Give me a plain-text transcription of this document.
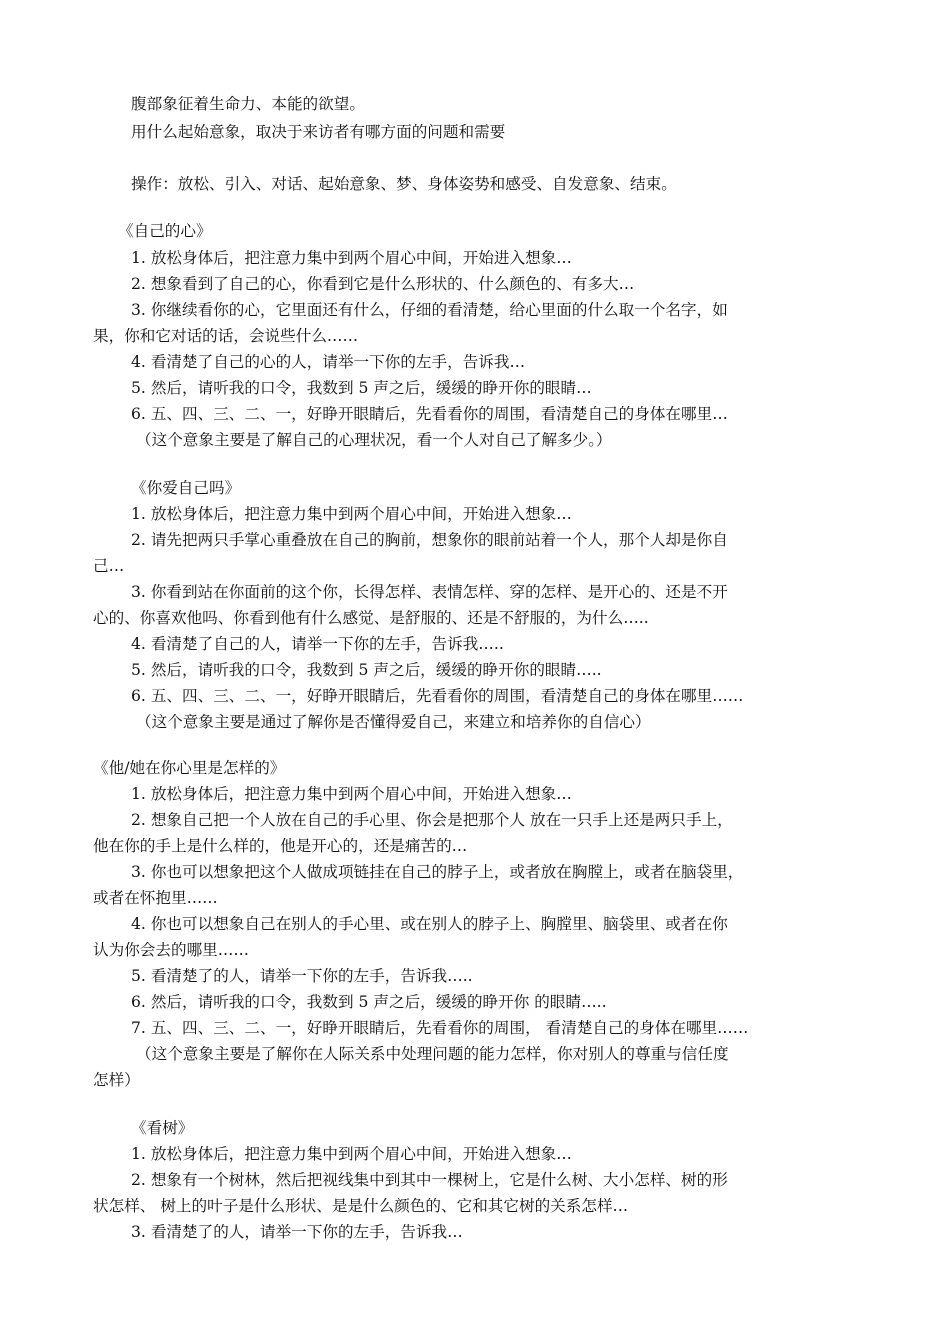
腹部象征着生命力、本能的欲望。
用什么起始意象，取决于来访者有哪方面的问题和需要
操作：放松、引入、对话、起始意象、梦、身体姿势和感受、自发意象、结束。
《自己的心》
1. 放松身体后，把注意力集中到两个眉心中间，开始进入想象…
2. 想象看到了自己的心，你看到它是什么形状的、什么颜色的、有多大…
3. 你继续看你的心，它里面还有什么，仔细的看清楚，给心里面的什么取一个名字，如
果，你和它对话的话，会说些什么……
4. 看清楚了自己的心的人，请举一下你的左手，告诉我…
5. 然后，请听我的口令，我数到 5 声之后，缓缓的睁开你的眼睛…
6. 五、四、三、二、一，好睁开眼睛后，先看看你的周围，看清楚自己的身体在哪里…
（这个意象主要是了解自己的心理状况，看一个人对自己了解多少。）
《你爱自己吗》
1. 放松身体后，把注意力集中到两个眉心中间，开始进入想象…
2. 请先把两只手掌心重叠放在自己的胸前，想象你的眼前站着一个人，那个人却是你自
己…
3. 你看到站在你面前的这个你，长得怎样、表情怎样、穿的怎样、是开心的、还是不开
心的、你喜欢他吗、你看到他有什么感觉、是舒服的、还是不舒服的，为什么…..
4. 看清楚了自己的人，请举一下你的左手，告诉我…..
5. 然后，请听我的口令，我数到 5 声之后，缓缓的睁开你的眼睛…..
6. 五、四、三、二、一，好睁开眼睛后，先看看你的周围，看清楚自己的身体在哪里……
（这个意象主要是通过了解你是否懂得爱自己，来建立和培养你的自信心）
《他/她在你心里是怎样的》
1. 放松身体后，把注意力集中到两个眉心中间，开始进入想象…
2. 想象自己把一个人放在自己的手心里、你会是把那个人 放在一只手上还是两只手上，
他在你的手上是什么样的，他是开心的，还是痛苦的…
3. 你也可以想象把这个人做成项链挂在自己的脖子上，或者放在胸膛上，或者在脑袋里，
或者在怀抱里……
4. 你也可以想象自己在别人的手心里、或在别人的脖子上、胸膛里、脑袋里、或者在你
认为你会去的哪里……
5. 看清楚了的人，请举一下你的左手，告诉我…..
6. 然后，请听我的口令，我数到 5 声之后，缓缓的睁开你 的眼睛…..
7. 五、四、三、二、一，好睁开眼睛后，先看看你的周围， 看清楚自己的身体在哪里……
（这个意象主要是了解你在人际关系中处理问题的能力怎样，你对别人的尊重与信任度
怎样）
《看树》
1. 放松身体后，把注意力集中到两个眉心中间，开始进入想象…
2. 想象有一个树林，然后把视线集中到其中一棵树上，它是什么树、大小怎样、树的形
状怎样、 树上的叶子是什么形状、是是什么颜色的、它和其它树的关系怎样…
3. 看清楚了的人，请举一下你的左手，告诉我…
